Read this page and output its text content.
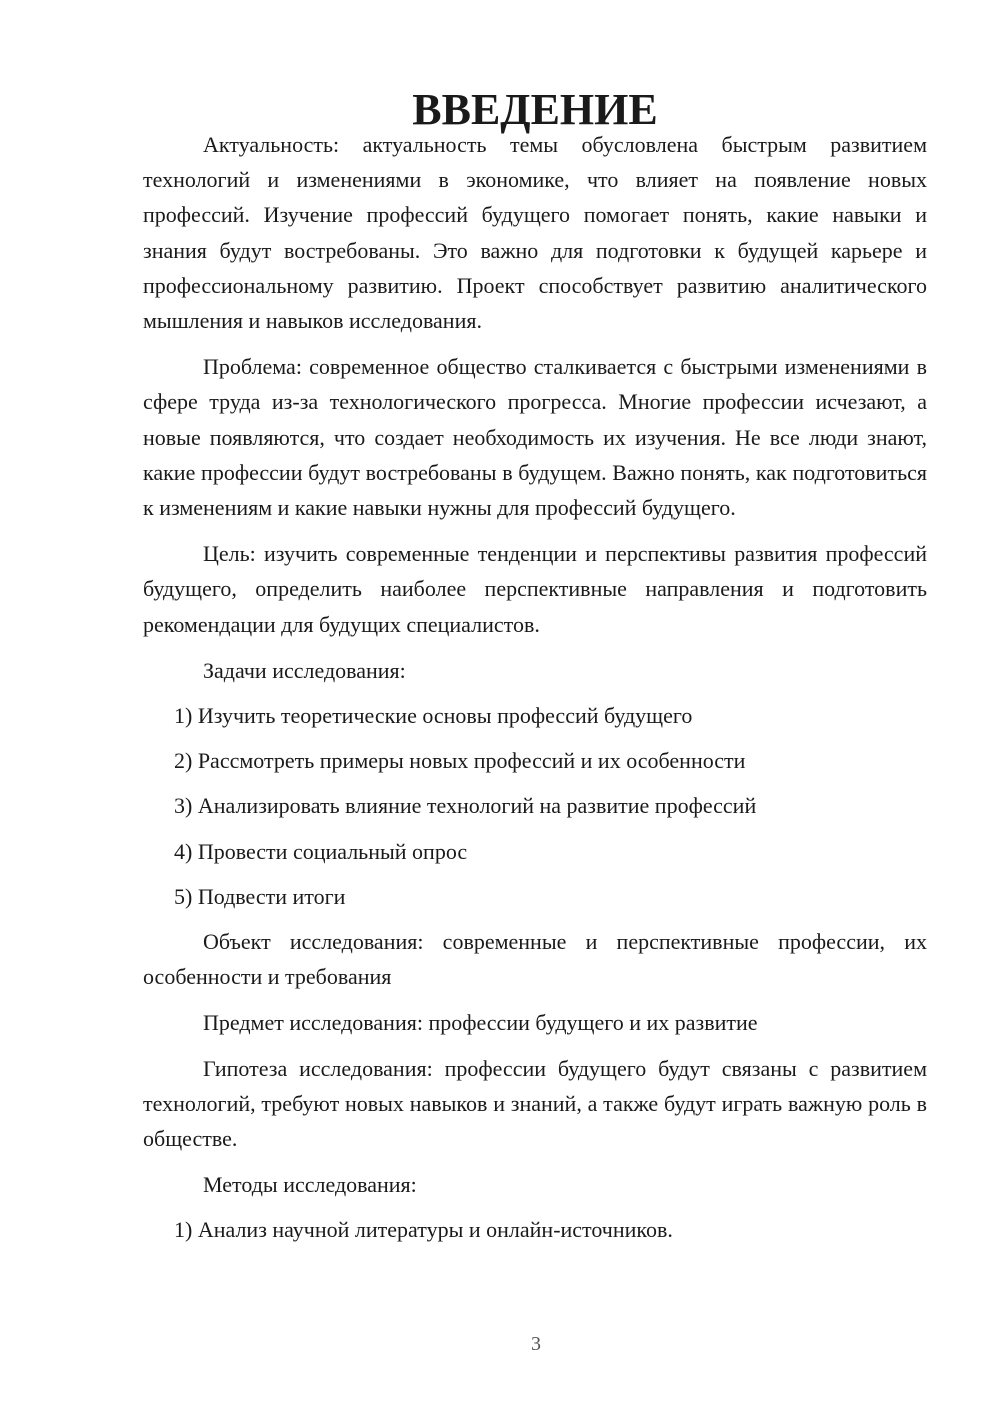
ВВЕДЕНИЕ

Актуальность: актуальность темы обусловлена быстрым развитием технологий и изменениями в экономике, что влияет на появление новых профессий. Изучение профессий будущего помогает понять, какие навыки и знания будут востребованы. Это важно для подготовки к будущей карьере и профессиональному развитию. Проект способствует развитию аналитического мышления и навыков исследования.

Проблема: современное общество сталкивается с быстрыми изменениями в сфере труда из-за технологического прогресса. Многие профессии исчезают, а новые появляются, что создает необходимость их изучения. Не все люди знают, какие профессии будут востребованы в будущем. Важно понять, как подготовиться к изменениям и какие навыки нужны для профессий будущего.

Цель: изучить современные тенденции и перспективы развития профессий будущего, определить наиболее перспективные направления и подготовить рекомендации для будущих специалистов.

Задачи исследования:

1) Изучить теоретические основы профессий будущего
2) Рассмотреть примеры новых профессий и их особенности
3) Анализировать влияние технологий на развитие профессий
4) Провести социальный опрос
5) Подвести итоги

Объект исследования: современные и перспективные профессии, их особенности и требования

Предмет исследования: профессии будущего и их развитие

Гипотеза исследования: профессии будущего будут связаны с развитием технологий, требуют новых навыков и знаний, а также будут играть важную роль в обществе.

Методы исследования:

1) Анализ научной литературы и онлайн-источников.
3
